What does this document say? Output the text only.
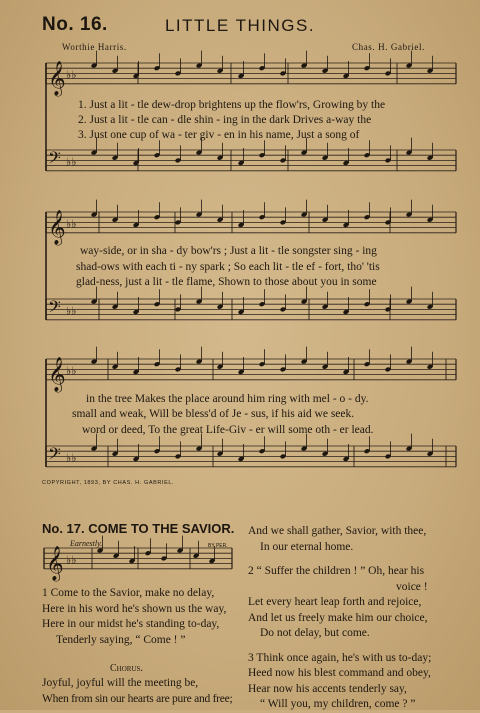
𝄞
𝄢
♭♭
♭♭
𝄞
𝄢
♭♭
♭♭
𝄞
𝄢
♭♭
♭♭
𝄞 ♭♭
No. 16.	LITTLE THINGS.
Worthie Harris.	Chas. H. Gabriel.
1. Just a lit - tle dew-drop brightens up the flow'rs, Growing by the
2. Just a lit - tle can - dle shin - ing in the dark Drives a-way the
3. Just one cup of wa - ter giv - en in his name, Just a song of
way-side, or in sha - dy bow'rs ; Just a lit - tle songster sing - ing
shad-ows with each ti - ny spark ; So each lit - tle ef - fort, tho' 'tis
glad-ness, just a lit - tle flame, Shown to those about you in some
in the tree Makes the place around him ring with mel - o - dy.
small and weak, Will be bless'd of Je - sus, if his aid we seek.
word or deed, To the great Life-Giv - er will some oth - er lead.
COPYRIGHT, 1893, BY CHAS. H. GABRIEL.
No. 17. COME TO THE SAVIOR.
Earnestly.	BY PER.
1 Come to the Savior, make no delay,
Here in his word he's shown us the way,
Here in our midst he's standing to-day,
Tenderly saying, “ Come ! ”
Chorus.
Joyful, joyful will the meeting be,
When from sin our hearts are pure and free;
And we shall gather, Savior, with thee,
In our eternal home.
2 “ Suffer the children ! ” Oh, hear his
voice !
Let every heart leap forth and rejoice,
And let us freely make him our choice,
Do not delay, but come.
3 Think once again, he's with us to-day;
Heed now his blest command and obey,
Hear now his accents tenderly say,
“ Will you, my children, come ? ”
